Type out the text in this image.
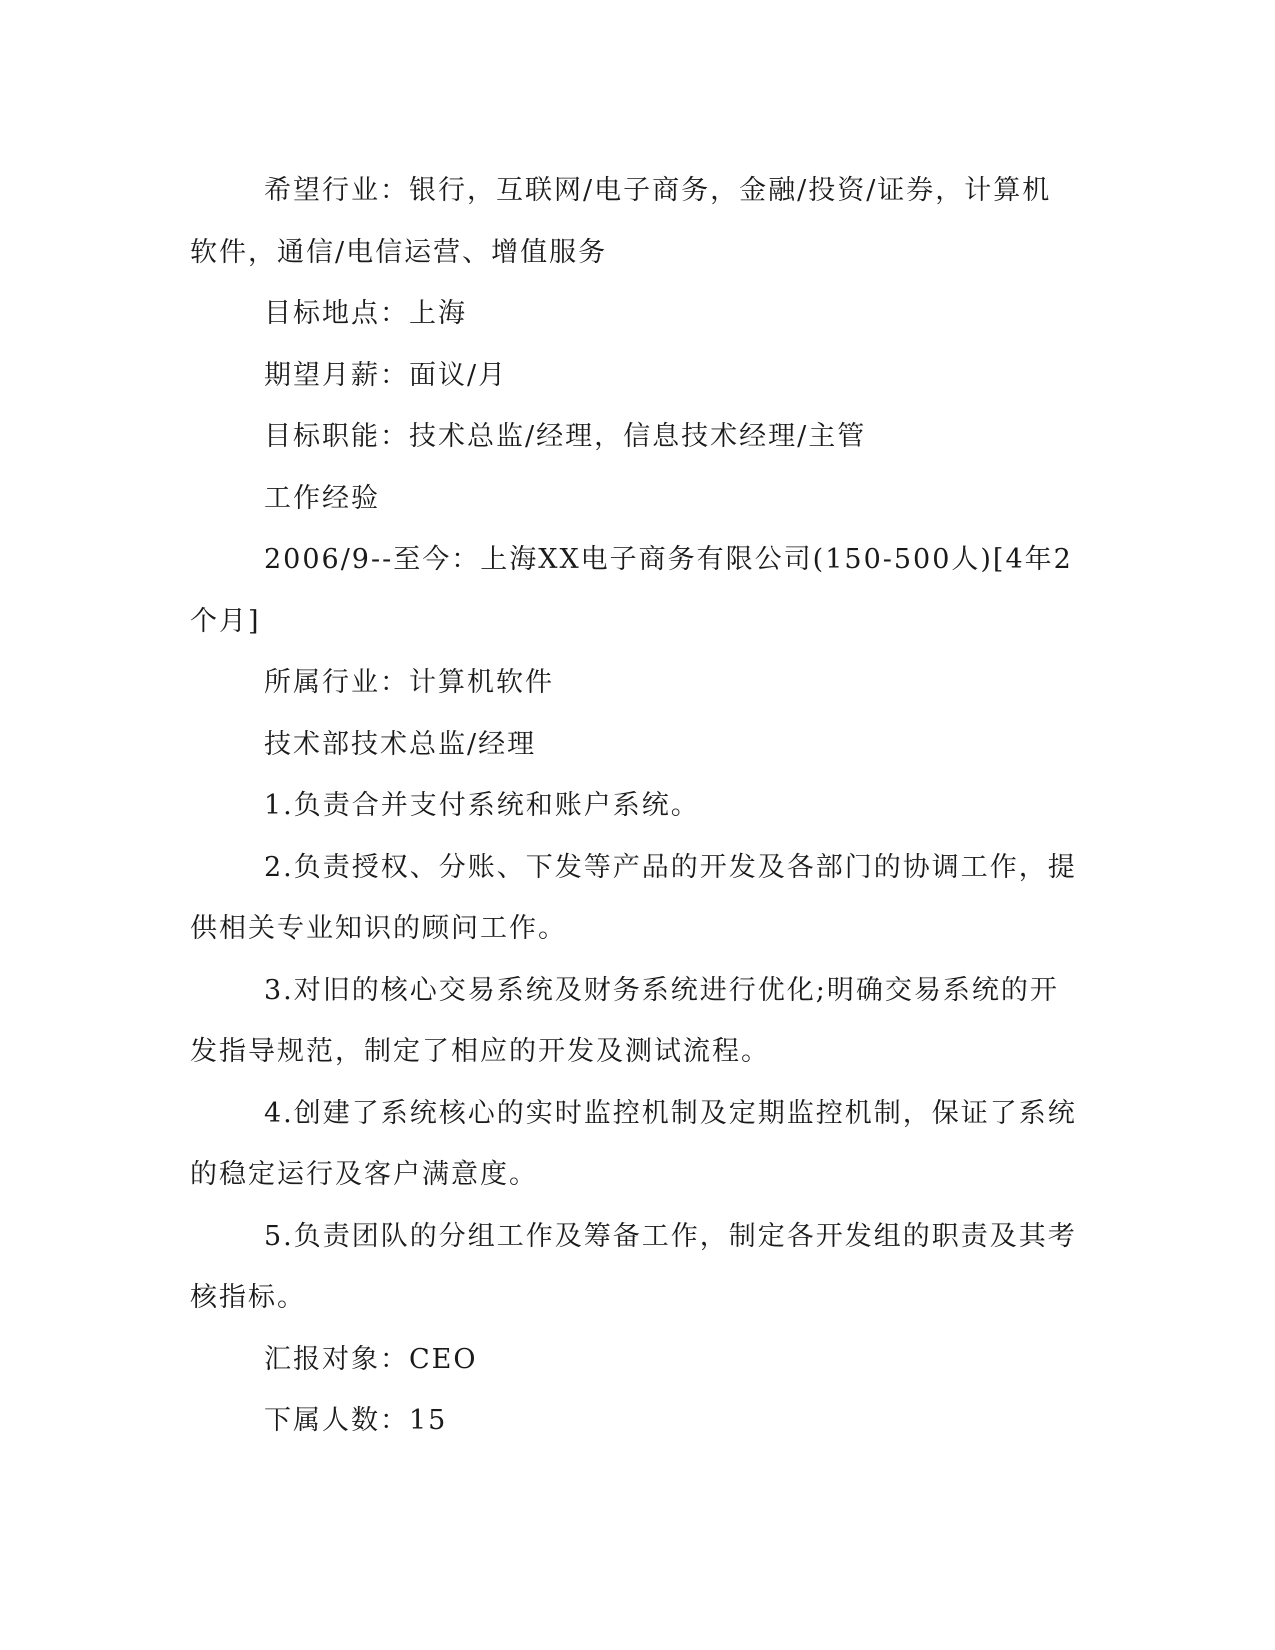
希望行业：银行，互联网/电子商务，金融/投资/证券，计算机软件，通信/电信运营、增值服务

目标地点：上海

期望月薪：面议/月

目标职能：技术总监/经理，信息技术经理/主管

工作经验

2006/9--至今：上海XX电子商务有限公司(150-500人)[4年2个月]

所属行业：计算机软件

技术部技术总监/经理

1.负责合并支付系统和账户系统。

2.负责授权、分账、下发等产品的开发及各部门的协调工作，提供相关专业知识的顾问工作。

3.对旧的核心交易系统及财务系统进行优化;明确交易系统的开发指导规范，制定了相应的开发及测试流程。

4.创建了系统核心的实时监控机制及定期监控机制，保证了系统的稳定运行及客户满意度。

5.负责团队的分组工作及筹备工作，制定各开发组的职责及其考核指标。

汇报对象：CEO

下属人数：15
